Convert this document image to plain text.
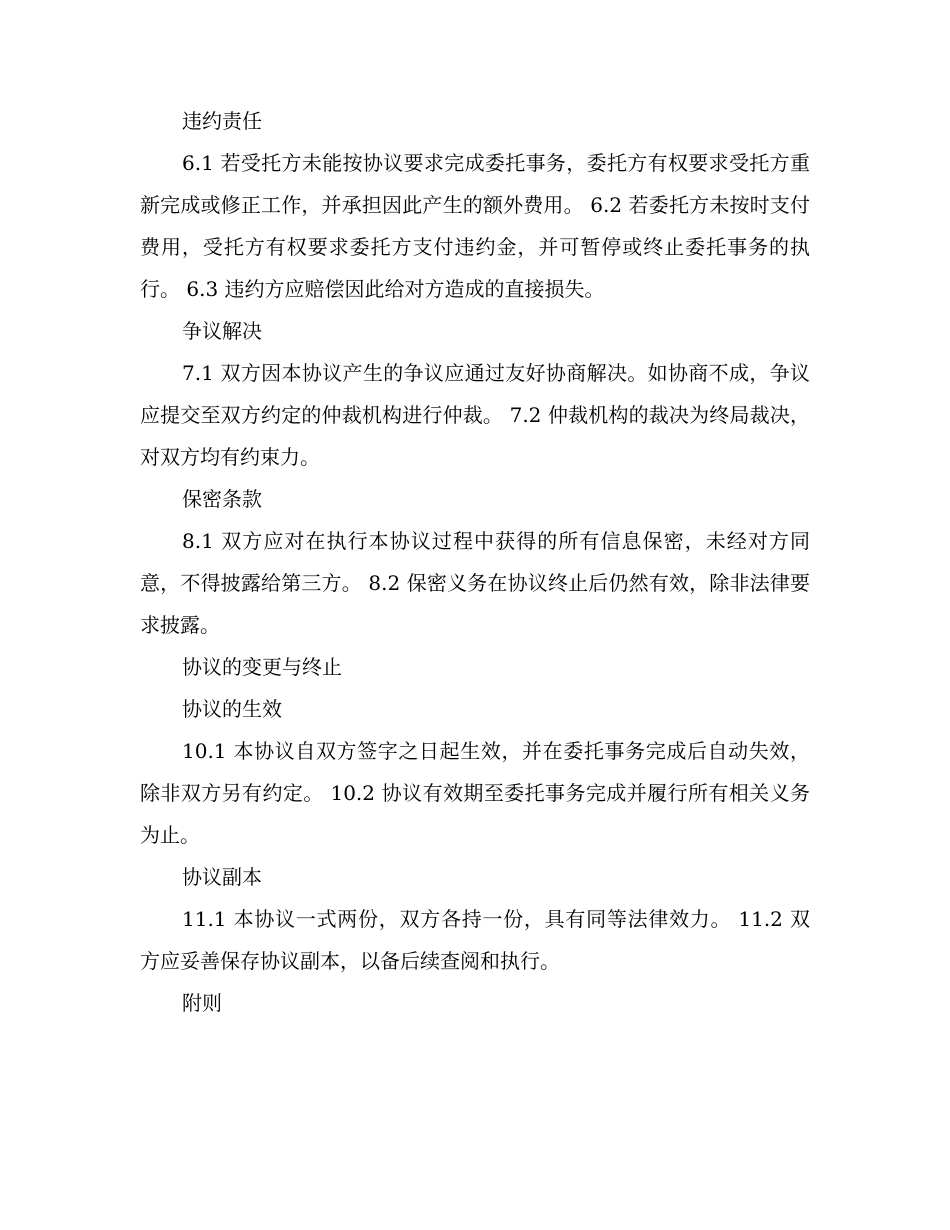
违约责任

6.1 若受托方未能按协议要求完成委托事务，委托方有权要求受托方重新完成或修正工作，并承担因此产生的额外费用。 6.2 若委托方未按时支付费用，受托方有权要求委托方支付违约金，并可暂停或终止委托事务的执行。 6.3 违约方应赔偿因此给对方造成的直接损失。

争议解决

7.1 双方因本协议产生的争议应通过友好协商解决。如协商不成，争议应提交至双方约定的仲裁机构进行仲裁。 7.2 仲裁机构的裁决为终局裁决，对双方均有约束力。

保密条款

8.1 双方应对在执行本协议过程中获得的所有信息保密，未经对方同意，不得披露给第三方。 8.2 保密义务在协议终止后仍然有效，除非法律要求披露。

协议的变更与终止

协议的生效

10.1 本协议自双方签字之日起生效，并在委托事务完成后自动失效，除非双方另有约定。 10.2 协议有效期至委托事务完成并履行所有相关义务为止。

协议副本

11.1 本协议一式两份，双方各持一份，具有同等法律效力。 11.2 双方应妥善保存协议副本，以备后续查阅和执行。

附则
